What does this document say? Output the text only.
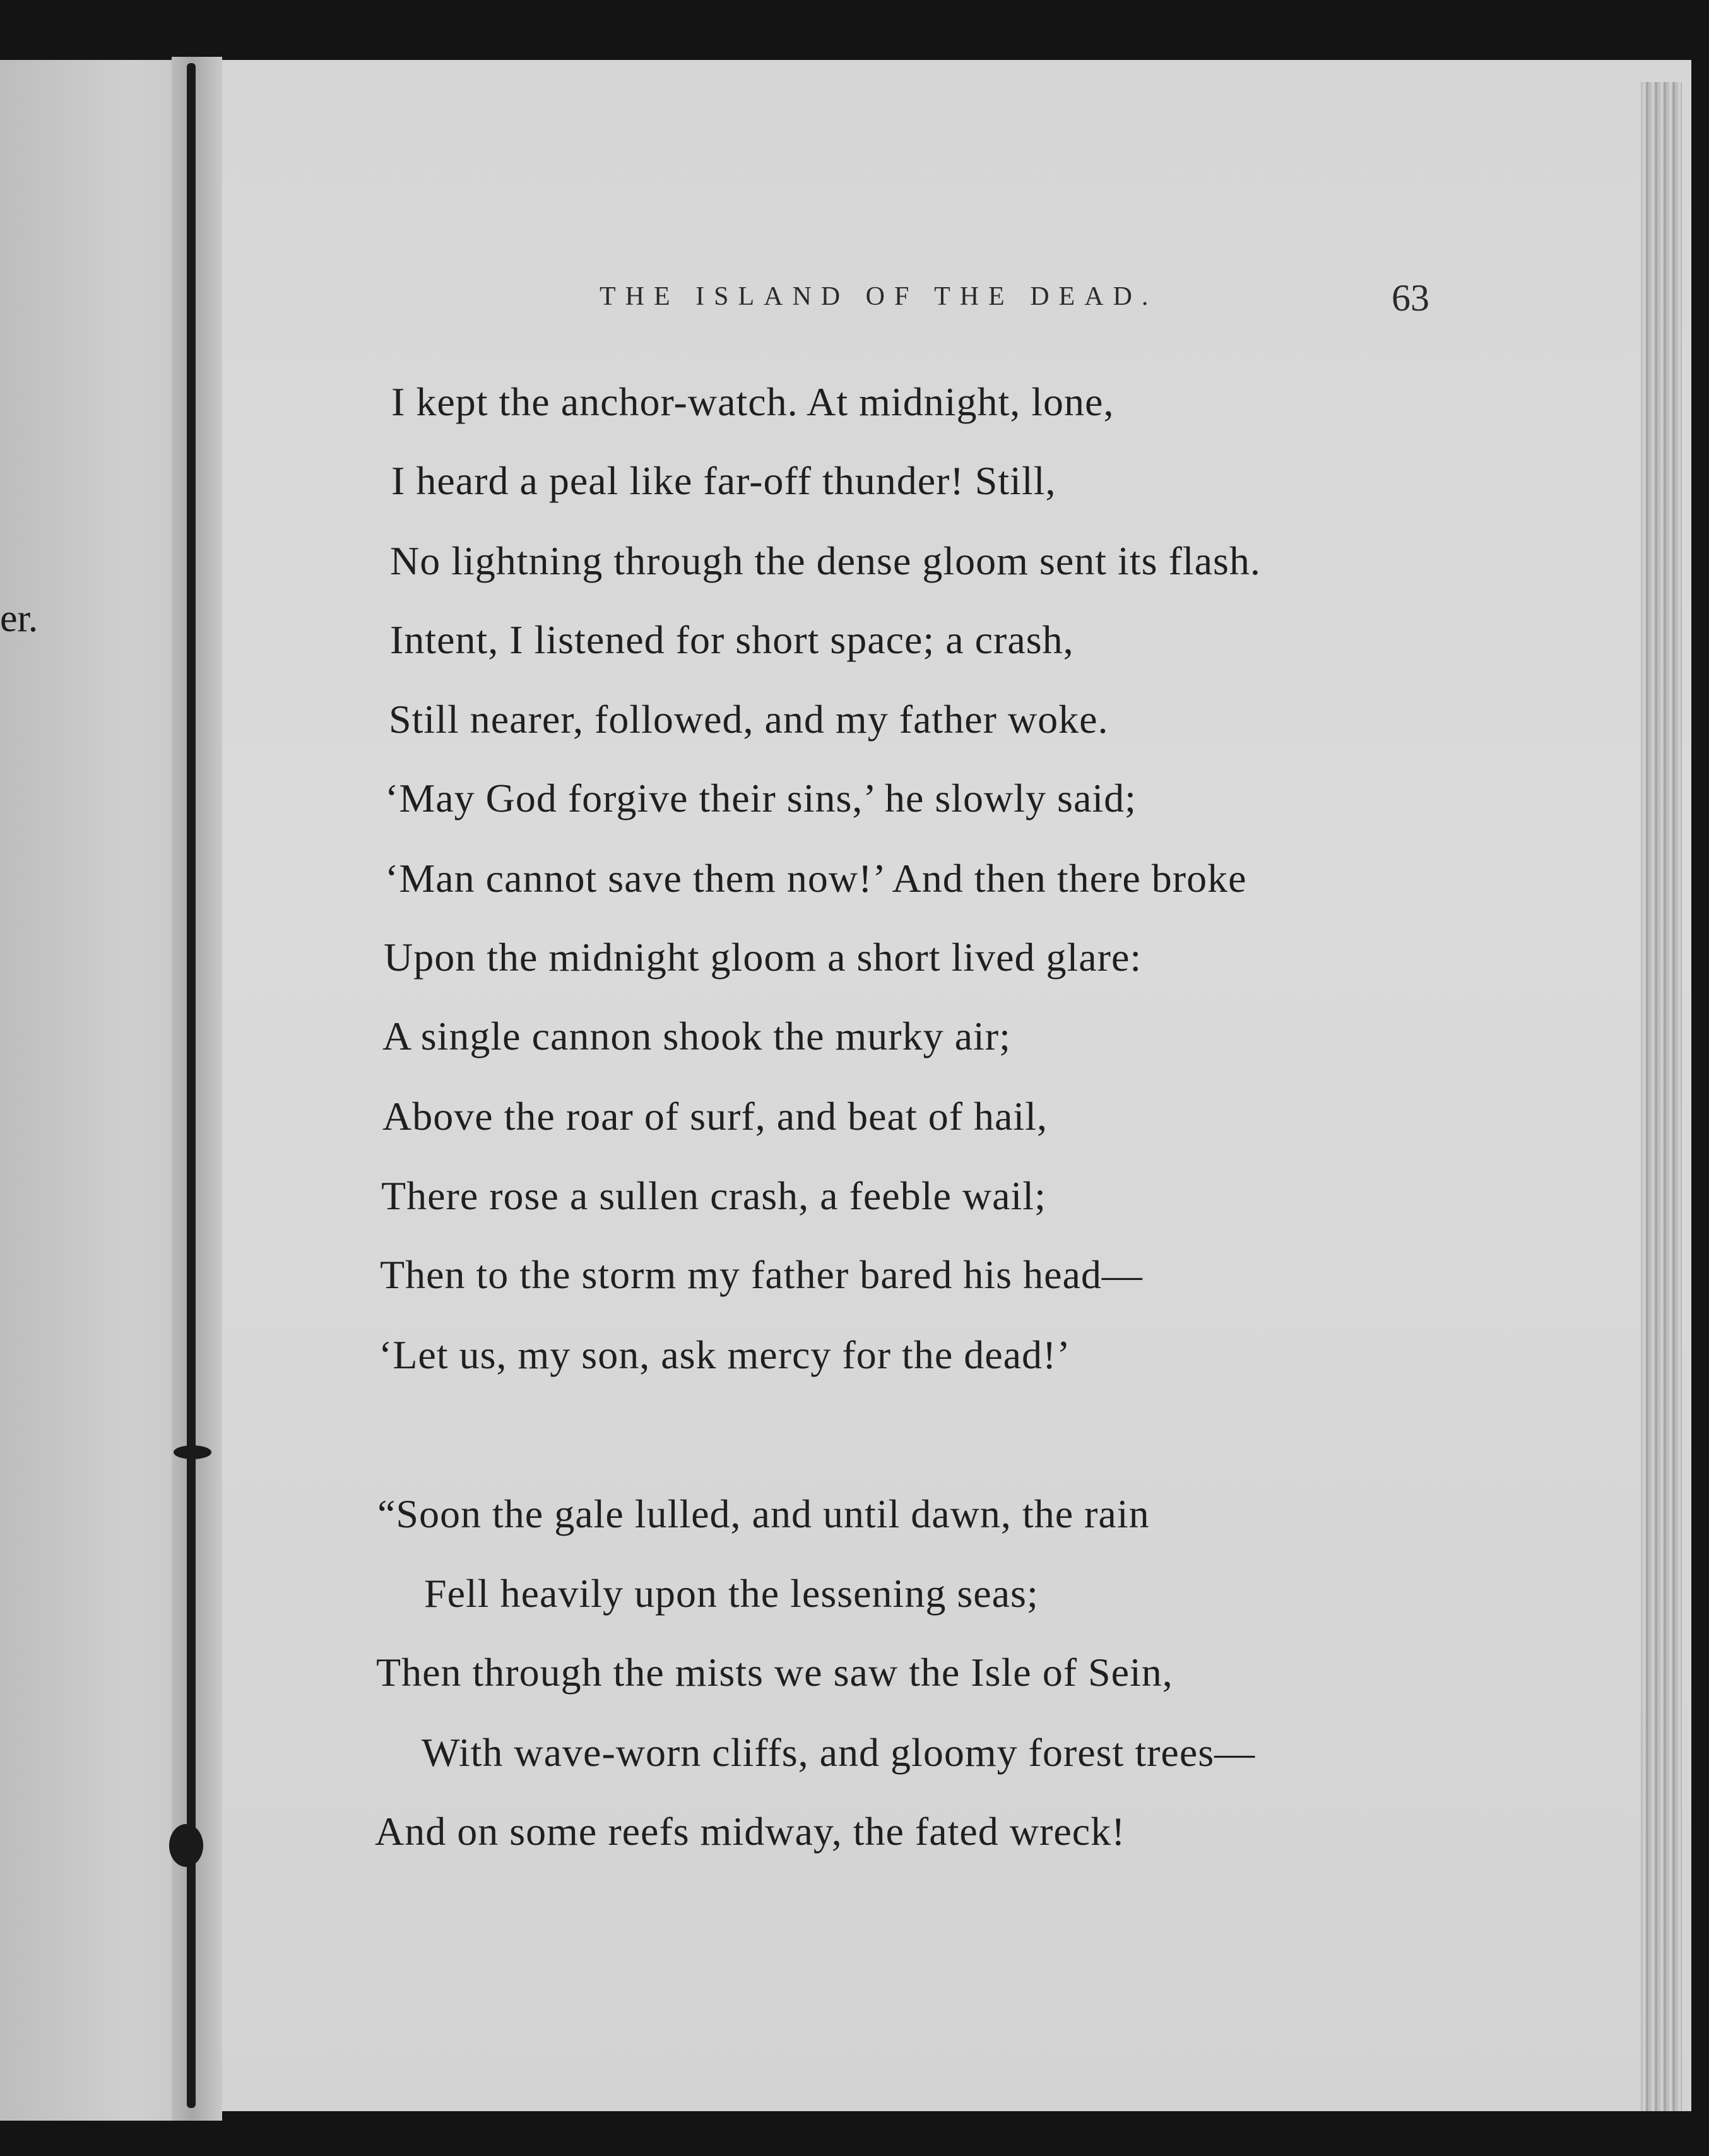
er.
THE ISLAND OF THE DEAD.	63
I kept the anchor-watch. At midnight, lone,
I heard a peal like far-off thunder! Still,
No lightning through the dense gloom sent its flash.
Intent, I listened for short space; a crash,
Still nearer, followed, and my father woke.
‘May God forgive their sins,’ he slowly said;
‘Man cannot save them now!’ And then there broke
Upon the midnight gloom a short lived glare:
A single cannon shook the murky air;
Above the roar of surf, and beat of hail,
There rose a sullen crash, a feeble wail;
Then to the storm my father bared his head—
‘Let us, my son, ask mercy for the dead!’
“Soon the gale lulled, and until dawn, the rain
Fell heavily upon the lessening seas;
Then through the mists we saw the Isle of Sein,
With wave-worn cliffs, and gloomy forest trees—
And on some reefs midway, the fated wreck!
